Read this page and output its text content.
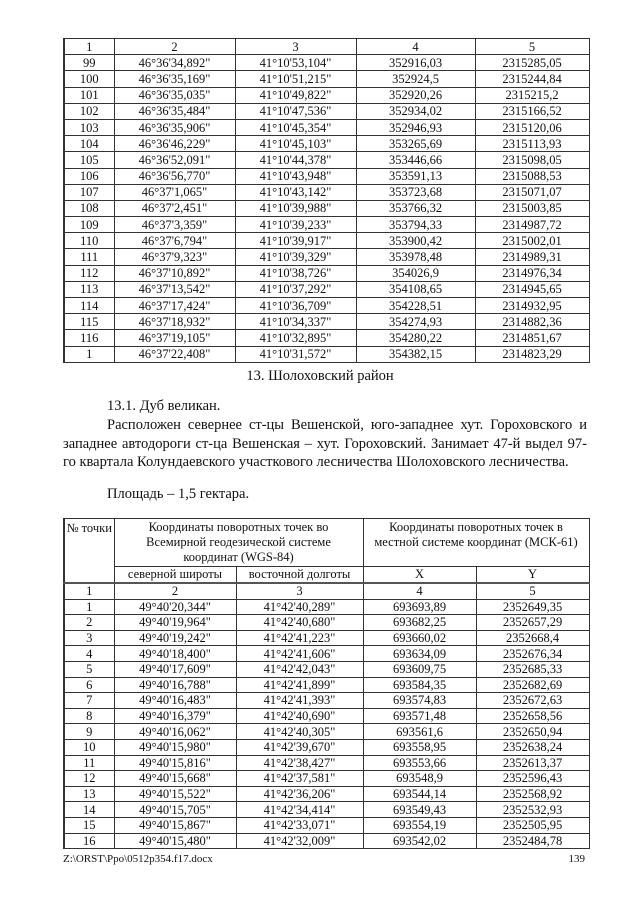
1	2	3	4	5
99	46°36'34,892"	41°10'53,104"	352916,03	2315285,05
100	46°36'35,169"	41°10'51,215"	352924,5	2315244,84
101	46°36'35,035"	41°10'49,822"	352920,26	2315215,2
102	46°36'35,484"	41°10'47,536"	352934,02	2315166,52
103	46°36'35,906"	41°10'45,354"	352946,93	2315120,06
104	46°36'46,229"	41°10'45,103"	353265,69	2315113,93
105	46°36'52,091"	41°10'44,378"	353446,66	2315098,05
106	46°36'56,770"	41°10'43,948"	353591,13	2315088,53
107	46°37'1,065"	41°10'43,142"	353723,68	2315071,07
108	46°37'2,451"	41°10'39,988"	353766,32	2315003,85
109	46°37'3,359"	41°10'39,233"	353794,33	2314987,72
110	46°37'6,794"	41°10'39,917"	353900,42	2315002,01
111	46°37'9,323"	41°10'39,329"	353978,48	2314989,31
112	46°37'10,892"	41°10'38,726"	354026,9	2314976,34
113	46°37'13,542"	41°10'37,292"	354108,65	2314945,65
114	46°37'17,424"	41°10'36,709"	354228,51	2314932,95
115	46°37'18,932"	41°10'34,337"	354274,93	2314882,36
116	46°37'19,105"	41°10'32,895"	354280,22	2314851,67
1	46°37'22,408"	41°10'31,572"	354382,15	2314823,29
13. Шолоховский район
13.1. Дуб великан.
Расположен севернее ст-цы Вешенской, юго-западнее хут. Гороховского и западнее автодороги ст-ца Вешенская – хут. Гороховский. Занимает 47-й выдел 97-го квартала Колундаевского участкового лесничества Шолоховского лесничества.
Площадь – 1,5 гектара.
№ точки	Координаты поворотных точек во Всемирной геодезической системе координат (WGS-84)		Координаты поворотных точек в местной системе координат (МСК-61)	
	северной широты	восточной долготы	X	Y
1	2	3	4	5
1	49°40'20,344"	41°42'40,289"	693693,89	2352649,35
2	49°40'19,964"	41°42'40,680"	693682,25	2352657,29
3	49°40'19,242"	41°42'41,223"	693660,02	2352668,4
4	49°40'18,400"	41°42'41,606"	693634,09	2352676,34
5	49°40'17,609"	41°42'42,043"	693609,75	2352685,33
6	49°40'16,788"	41°42'41,899"	693584,35	2352682,69
7	49°40'16,483"	41°42'41,393"	693574,83	2352672,63
8	49°40'16,379"	41°42'40,690"	693571,48	2352658,56
9	49°40'16,062"	41°42'40,305"	693561,6	2352650,94
10	49°40'15,980"	41°42'39,670"	693558,95	2352638,24
11	49°40'15,816"	41°42'38,427"	693553,66	2352613,37
12	49°40'15,668"	41°42'37,581"	693548,9	2352596,43
13	49°40'15,522"	41°42'36,206"	693544,14	2352568,92
14	49°40'15,705"	41°42'34,414"	693549,43	2352532,93
15	49°40'15,867"	41°42'33,071"	693554,19	2352505,95
16	49°40'15,480"	41°42'32,009"	693542,02	2352484,78
Z:\ORST\Ppo\0512p354.f17.docx	139
